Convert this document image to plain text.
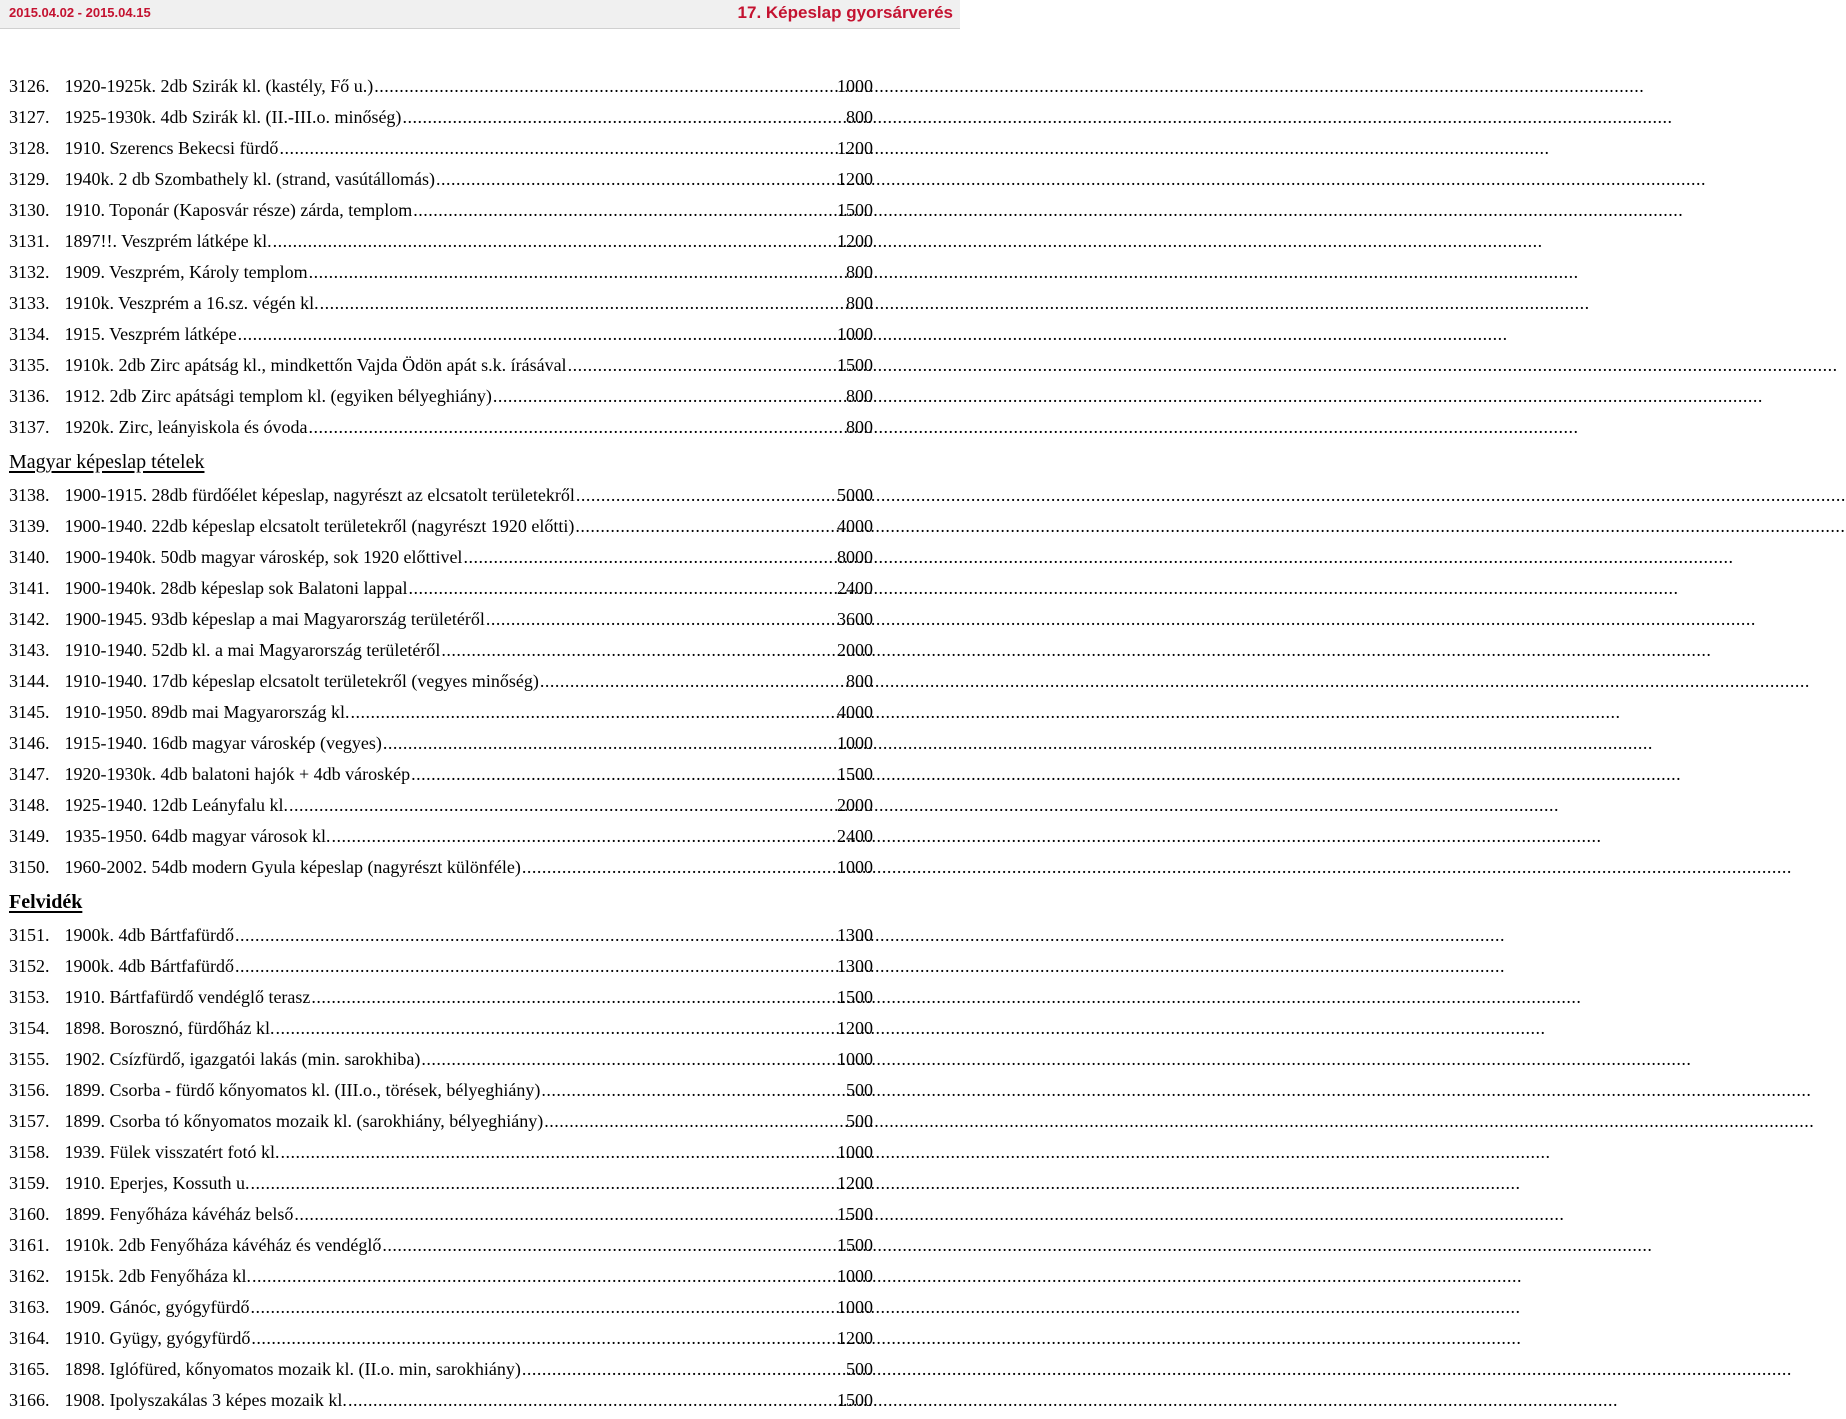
2015.04.02 - 2015.04.15	17. Képeslap gyorsárverés
3126. 1920-1925k. 2db Szirák kl. (kastély, Fő u.) .....	1000
3127. 1925-1930k. 4db Szirák kl. (II.-III.o. minőség) .....	800
3128. 1910. Szerencs Bekecsi fürdő .....	1200
3129. 1940k. 2 db Szombathely kl. (strand, vasútállomás) .....	1200
3130. 1910. Toponár (Kaposvár része) zárda, templom .....	1500
3131. 1897!!. Veszprém látképe kl. .....	1200
3132. 1909. Veszprém, Károly templom .....	800
3133. 1910k. Veszprém a 16.sz. végén kl. .....	800
3134. 1915. Veszprém látképe .....	1000
3135. 1910k. 2db Zirc apátság kl., mindkettőn Vajda Ödön apát s.k. írásával .....	1500
3136. 1912. 2db Zirc apátsági templom kl. (egyiken bélyeghiány) .....	800
3137. 1920k. Zirc, leányiskola és óvoda .....	800
Magyar képeslap tételek
3138. 1900-1915. 28db fürdőélet képeslap, nagyrészt az elcsatolt területekről .....	5000
3139. 1900-1940. 22db képeslap elcsatolt területekről (nagyrészt 1920 előtti) .....	4000
3140. 1900-1940k. 50db magyar városkép, sok 1920 előttivel .....	8000
3141. 1900-1940k. 28db képeslap sok Balatoni lappal .....	2400
3142. 1900-1945. 93db képeslap a mai Magyarország területéről .....	3600
3143. 1910-1940. 52db kl. a mai Magyarország területéről .....	2000
3144. 1910-1940. 17db képeslap elcsatolt területekről (vegyes minőség) .....	800
3145. 1910-1950. 89db mai Magyarország kl. .....	4000
3146. 1915-1940. 16db magyar városkép (vegyes) .....	1000
3147. 1920-1930k. 4db balatoni hajók + 4db városkép .....	1500
3148. 1925-1940. 12db Leányfalu kl. .....	2000
3149. 1935-1950. 64db magyar városok kl. .....	2400
3150. 1960-2002. 54db modern Gyula képeslap (nagyrészt különféle) .....	1000
Felvidék
3151. 1900k. 4db Bártfafürdő .....	1300
3152. 1900k. 4db Bártfafürdő .....	1300
3153. 1910. Bártfafürdő vendéglő terasz .....	1500
3154. 1898. Borosznó, fürdőház kl. .....	1200
3155. 1902. Csízfürdő, igazgatói lakás (min. sarokhiba) .....	1000
3156. 1899. Csorba - fürdő kőnyomatos kl. (III.o., törések, bélyeghiány) .....	500
3157. 1899. Csorba tó kőnyomatos mozaik kl. (sarokhiány, bélyeghiány) .....	500
3158. 1939. Fülek visszatért fotó kl. .....	1000
3159. 1910. Eperjes, Kossuth u. .....	1200
3160. 1899. Fenyőháza kávéház belső .....	1500
3161. 1910k. 2db Fenyőháza kávéház és vendéglő .....	1500
3162. 1915k. 2db Fenyőháza kl. .....	1000
3163. 1909. Gánóc, gyógyfürdő .....	1000
3164. 1910. Gyügy, gyógyfürdő .....	1200
3165. 1898. Iglófüred, kőnyomatos mozaik kl. (II.o. min, sarokhiány) .....	500
3166. 1908. Ipolyszakálas 3 képes mozaik kl. .....	1500
